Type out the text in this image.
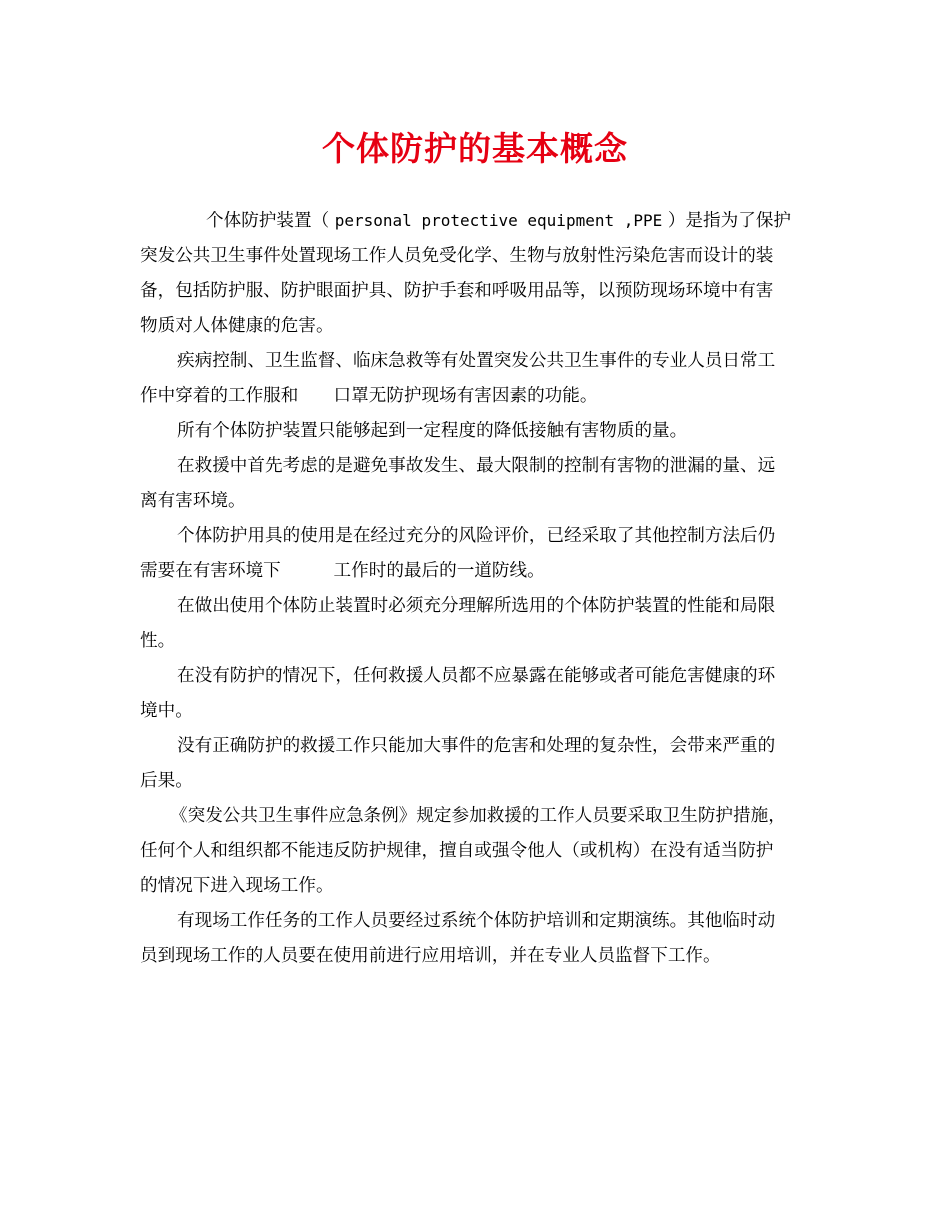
个体防护的基本概念
个体防护装置（ personal protective equipment ,PPE ）是指为了保护
突发公共卫生事件处置现场工作人员免受化学、生物与放射性污染危害而设计的装
备，包括防护服、防护眼面护具、防护手套和呼吸用品等，以预防现场环境中有害
物质对人体健康的危害。
疾病控制、卫生监督、临床急救等有处置突发公共卫生事件的专业人员日常工
作中穿着的工作服和　　口罩无防护现场有害因素的功能。
所有个体防护装置只能够起到一定程度的降低接触有害物质的量。
在救援中首先考虑的是避免事故发生、最大限制的控制有害物的泄漏的量、远
离有害环境。
个体防护用具的使用是在经过充分的风险评价，已经采取了其他控制方法后仍
需要在有害环境下　　　工作时的最后的一道防线。
在做出使用个体防止装置时必须充分理解所选用的个体防护装置的性能和局限
性。
在没有防护的情况下，任何救援人员都不应暴露在能够或者可能危害健康的环
境中。
没有正确防护的救援工作只能加大事件的危害和处理的复杂性，会带来严重的
后果。
《突发公共卫生事件应急条例》规定参加救援的工作人员要采取卫生防护措施，
任何个人和组织都不能违反防护规律，擅自或强令他人（或机构）在没有适当防护
的情况下进入现场工作。
有现场工作任务的工作人员要经过系统个体防护培训和定期演练。其他临时动
员到现场工作的人员要在使用前进行应用培训，并在专业人员监督下工作。
